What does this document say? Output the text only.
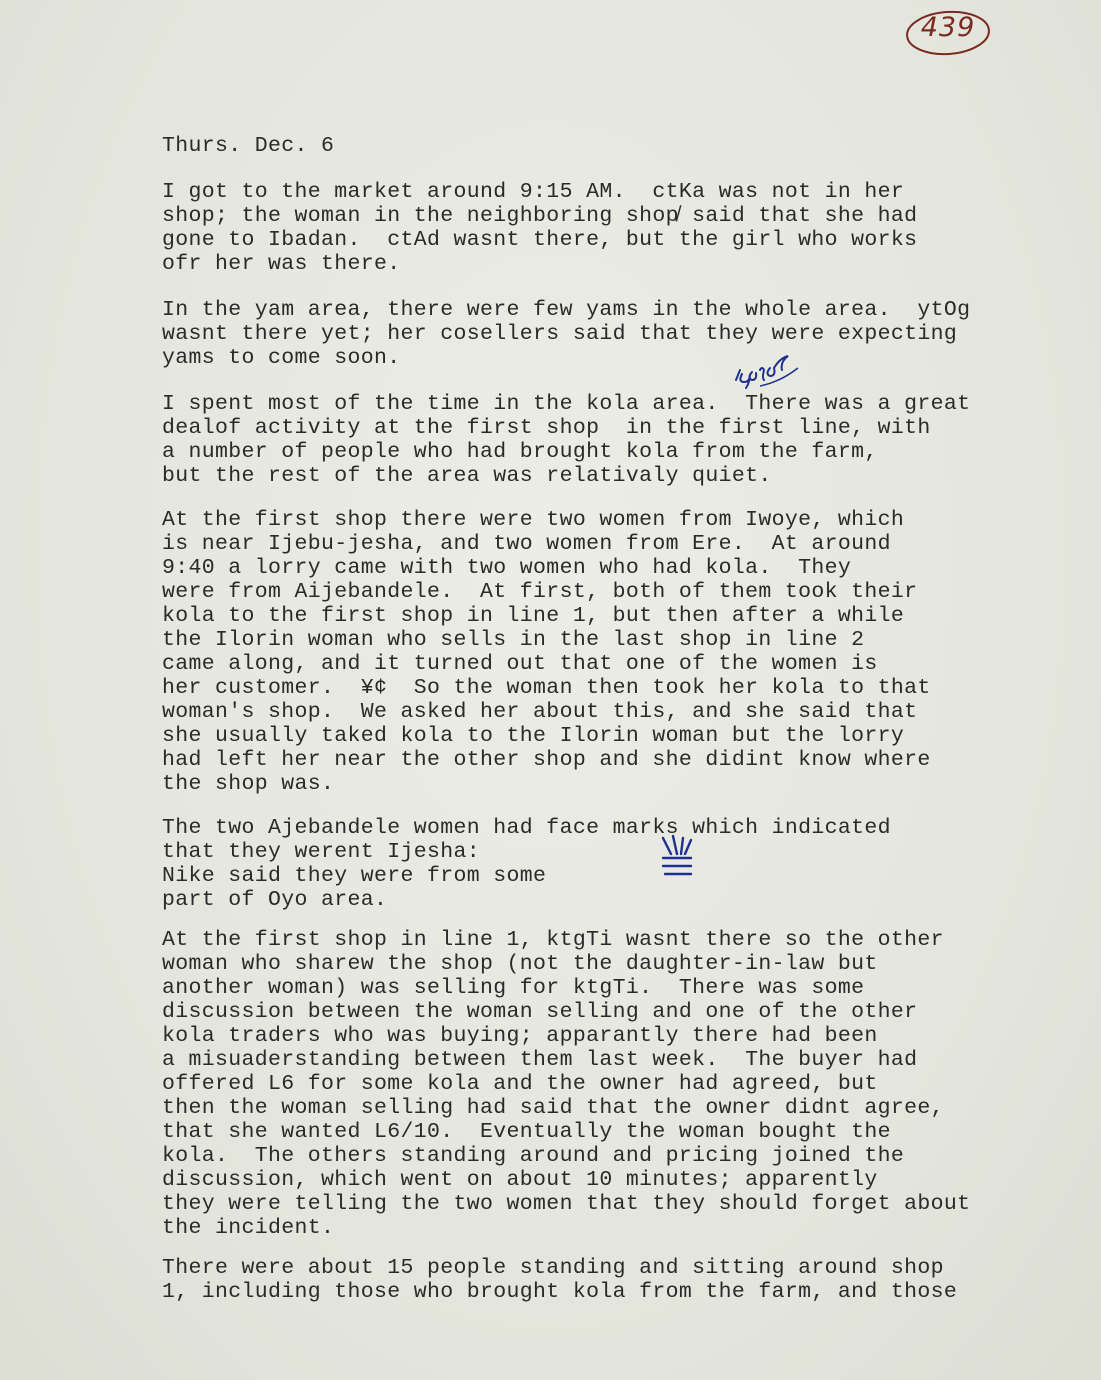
439
Thurs. Dec. 6
I got to the market around 9:15 AM.  ctKa was not in her
shop; the woman in the neighboring shop̸ said that she had
gone to Ibadan.  ctAd wasnt there, but the girl who works
ofr her was there.
In the yam area, there were few yams in the whole area.  ytOg
wasnt there yet; her cosellers said that they were expecting
yams to come soon.
I spent most of the time in the kola area.  There was a great
dealof activity at the first shop  in the first line, with
a number of people who had brought kola from the farm,
but the rest of the area was relativaly quiet.
At the first shop there were two women from Iwoye, which
is near Ijebu-jesha, and two women from Ere.  At around
9:40 a lorry came with two women who had kola.  They
were from Aijebandele.  At first, both of them took their
kola to the first shop in line 1, but then after a while
the Ilorin woman who sells in the last shop in line 2
came along, and it turned out that one of the women is
her customer.  ¥¢  So the woman then took her kola to that
woman's shop.  We asked her about this, and she said that
she usually taked kola to the Ilorin woman but the lorry
had left her near the other shop and she didint know where
the shop was.
The two Ajebandele women had face marks which indicated
that they werent Ijesha:
Nike said they were from some
part of Oyo area.
At the first shop in line 1, ktgTi wasnt there so the other
woman who sharew the shop (not the daughter-in-law but
another woman) was selling for ktgTi.  There was some
discussion between the woman selling and one of the other
kola traders who was buying; apparantly there had been
a misuaderstanding between them last week.  The buyer had
offered L6 for some kola and the owner had agreed, but
then the woman selling had said that the owner didnt agree,
that she wanted L6/10.  Eventually the woman bought the
kola.  The others standing around and pricing joined the
discussion, which went on about 10 minutes; apparently
they were telling the two women that they should forget about
the incident.
There were about 15 people standing and sitting around shop
1, including those who brought kola from the farm, and those
